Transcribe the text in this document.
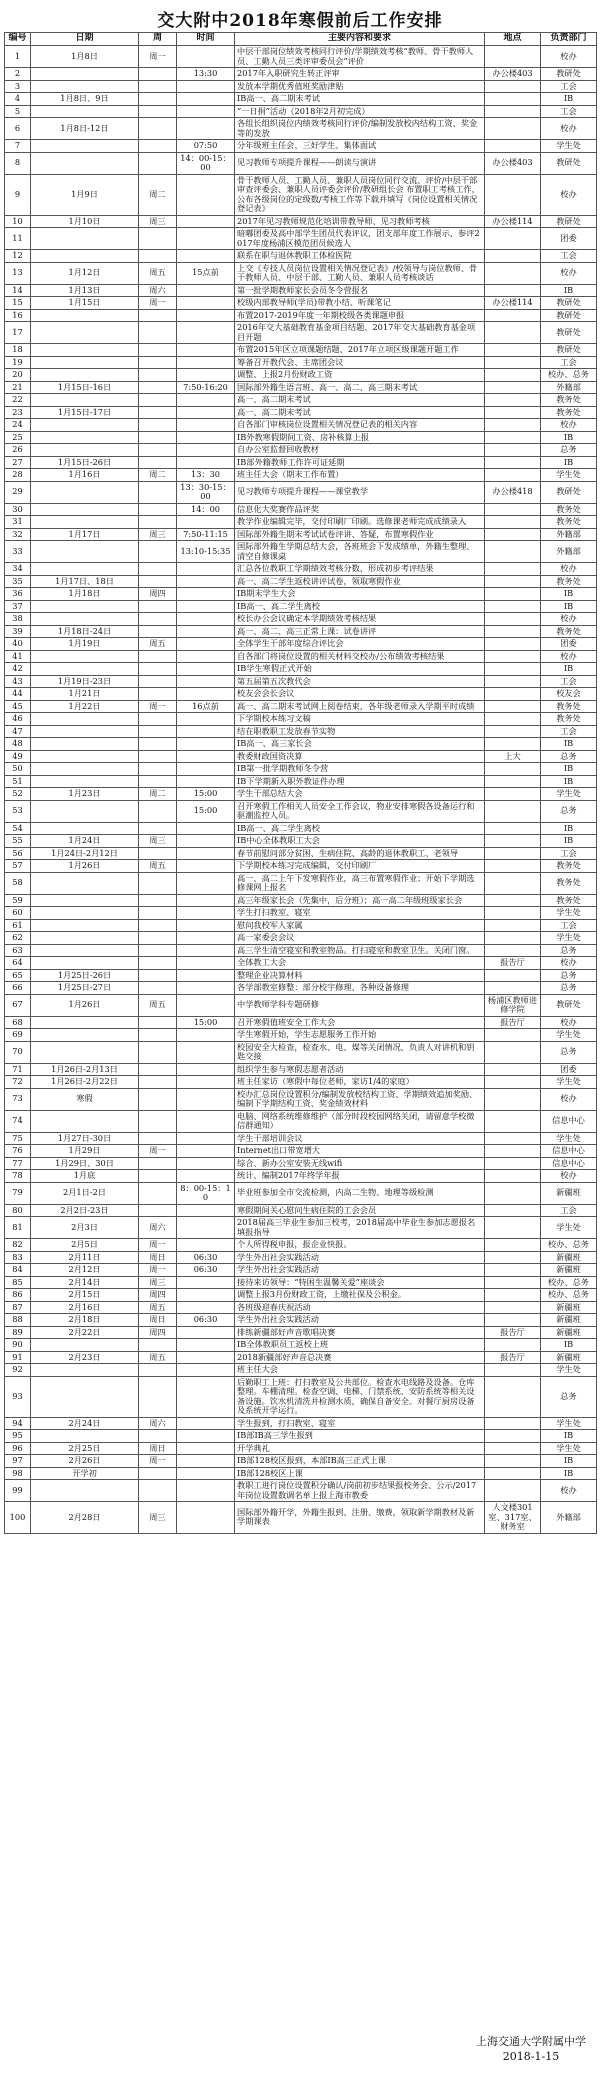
交大附中2018年寒假前后工作安排
编号	日期	周	时间	主要内容和要求	地点	负责部门
1	1月8日	周一		中层干部岗位绩效考核同行评价/学期绩效考核“教师、骨干教师人员、工勤人员三类评审委员会”评价		校办
2			13:30	2017年入职研究生转正评审	办公楼403	教研处
3				发放本学期优秀值班奖励津贴		工会
4	1月8日、9日			IB高一、高二期末考试		IB
5				“一日捐”活动（2018年2月初完成）		工会
6	1月8日-12日			各组长组织岗位内绩效考核同行评价/编制发放校内结构工资、奖金等的发放		校办
7			07:50	分年级班主任会、三好学生、集体面试		学生处
8			14：00-15：00	见习教师专项提升课程——朗读与演讲	办公楼403	教研处
9	1月9日	周二		骨干教师人员、工勤人员、兼职人员岗位同行交流、评价/中层干部审查评委会、兼职人员评委会评价/教研组长会 布置职工考核工作，公布各级岗位的定级数/考核工作等下载并填写《岗位设置相关情况登记表》		校办
10	1月10日	周三		2017年见习教师规范化培训带教导师、见习教师考核	办公楼114	教研处
11				暗嘟团委及高中部学生团员代表评议，团支部年度工作展示，参评2017年度杨浦区模范团员候选人		团委
12				联系在职与退休教职工体检医院		工会
13	1月12日	周五	15点前	上交《专技人员岗位设置相关情况登记表》/校领导与岗位教师、骨干教师人员、中层干部、工勤人员、兼职人员考核谈话		校办
14	1月13日	周六		第一批学期教师家长会员冬令营报名		IB
15	1月15日	周一		校级内部教导师(学员)带教小结、听课笔记	办公楼114	教研处
16				布置2017-2019年度一年期校级各类课题申报		教研处
17				2016年交大基础教育基金项目结题、2017年交大基础教育基金项目开题		教研处
18				布置2015年区立项课题结题、2017年立项区级课题开题工作		教研处
19				筹备召开教代会、主席团会议		工会
20				调整、上报2月份财政工资		校办、总务
21	1月15日-16日		7:50-16:20	国际部外籍生语言班、高一、高二、高三期末考试		外籍部
22				高一、高二期末考试		教务处
23	1月15日-17日			高一、高二期末考试		教务处
24				自各部门审核岗位设置相关情况登记表的相关内容		校办
25				IB外教寒假期间工资、房补核算上报		IB
26				自办公室监督回收教材		总务
27	1月15日-26日			IB部外籍教师工作许可证延期		IB
28	1月16日	周二	13：30	班主任大会（期末工作布置）		学生处
29			13：30-15：00	见习教师专项提升课程——课堂教学	办公楼418	教研处
30			14：00	信息化大奖赛作品评奖		教务处
31				教学作业编辑完毕，交付印刷厂印刷。选修课老师完成成绩录入		教务处
32	1月17日	周三	7:50-11:15	国际部外籍生期末考试试卷评讲、答疑，布置寒假作业		外籍部
33			13:10-15:35	国际部外籍生学期总结大会，各班班会下发成绩单，外籍生整理、清空自修课桌		外籍部
34				汇总各位教职工学期绩效考核分数，形成初步考评结果		校办
35	1月17日、18日			高一、高二学生返校讲评试卷，领取寒假作业		教务处
36	1月18日	周四		IB期末学生大会		IB
37				IB高一、高二学生离校		IB
38				校长办公会议确定本学期绩效考核结果		校办
39	1月18日-24日			高一、高二、高三正常上课：试卷讲评		教务处
40	1月19日	周五		全体学生干部年度综合评比会		团委
41				自各部门将岗位设置的相关材料交校办/公布绩效考核结果		校办
42				IB学生寒假正式开始		IB
43	1月19日-23日			第五届第五次教代会		工会
44	1月21日			校友会会长会议		校友会
45	1月22日	周一	16点前	高一、高二期末考试网上阅卷结束，各年级老师录入学期平时成绩		教务处
46				下学期校本练习文稿		教务处
47				结在职教职工发放春节实物		工会
48				IB高一、高三家长会		IB
49				教委财政国资决算	上大	总务
50				IB第一批学期教师冬令营		IB
51				IB下学期新入职外教证件办理		IB
52	1月23日	周二	15:00	学生干部总结大会		学生处
53			15:00	召开寒假工作相关人员安全工作会议，物业安排寒假各设备运行和驱潮监控人员。		总务
54				IB高一、高二学生离校		IB
55	1月24日	周三		IB中心全体教职工大会		IB
56	1月24日-2月12日			春节前慰问部分贫困、生病住院、高龄的退休教职工、老领导		工会
57	1月26日	周五		下学期校本练习完成编辑，交付印刷厂		教务处
58				高一、高二上午下发寒假作业，高三布置寒假作业；开始下学期选修课网上报名		教务处
59				高三年级家长会（先集中，后分班）；高一高二年级班级家长会		教务处
60				学生打扫教室、寝室		学生处
61				慰问我校军人家属		工会
62				高一家委会会议		学生处
63				高三学生清空寝室和教室物品。打扫寝室和教室卫生。关闭门窗。		总务
64				全体教工大会	报告厅	校办
65	1月25日-26日			整理企业决算材料		总务
66	1月25日-27日			各学部教室修整：部分校宇修理、各种设备修理		总务
67	1月26日	周五		中学教师学科专题研修	杨浦区教师进修学院	教研处
68			15:00	召开寒假值班安全工作大会	报告厅	校办
69				学生寒假开始，学生志愿服务工作开始		学生处
70				校园安全大检查，检查水、电、煤等关闭情况，负责人对讲机和钥匙交接		总务
71	1月26日-2月13日			组织学生参与寒假志愿者活动		团委
72	1月26日-2月22日			班主任家访（寒假中每位老师，家访1/4的家庭）		学生处
73	寒假			校办汇总岗位设置积分/编制发放校结构工资、学期绩效追加奖励、编制下学期结构工资、奖金绩效材料		校办
74				电脑、网络系统维修维护（部分时段校园网络关闭，请留意学校微信群通知）		信息中心
75	1月27日-30日			学生干部培训会议		学生处
76	1月29日	周一		Internet出口带宽增大		信息中心
77	1月29日、30日			综合、新办公室安装无线wifi		信息中心
78	1月底			统计、编制2017年终学年报		校办
79	2月1日-2日		8：00-15：10	毕业班参加全市交流检测，内高二生物、地理等级检测		新疆班
80	2月2日-23日			寒假期间关心慰问生病住院的工会会员		工会
81	2月3日	周六		2018届高三毕业生参加三校考，2018届高中毕业生参加志愿报名填报指导		学生处
82	2月5日	周一		个人所得税申报，报企业快报。		校办、总务
83	2月11日	周日	06:30	学生外出社会实践活动		新疆班
84	2月12日	周一	06:30	学生外出社会实践活动		新疆班
85	2月14日	周三		接待来访领导：“特困生温馨关爱”座谈会		校办、总务
86	2月15日	周四		调整上报3月份财政工资，上缴社保及公积金。		校办、总务
87	2月16日	周五		各班级迎春庆祝活动		新疆班
88	2月18日	周日	06:30	学生外出社会实践活动		新疆班
89	2月22日	周四		排练新疆部好声音歌唱决赛	报告厅	新疆班
90				IB全体教职员工返校上班		IB
91	2月23日	周五		2018新疆部好声音总决赛	报告厅	新疆班
92				班主任大会		学生处
93				后勤职工上班：打扫教室及公共部位。检查水电线路及设备。仓库整理。车棚清理。检查空调、电梯、门禁系统、安防系统等相关设备设施。饮水机清洗并检测水质，确保自备安全。对餐厅厨房设备及系统开学运行。		总务
94	2月24日	周六		学生报到，打扫教室、寝室		学生处
95				IB部IB高三学生报到		IB
96	2月25日	周日		开学典礼		学生处
97	2月26日	周一		IB部128校区报到，本部IB高三正式上课		IB
98	开学初			IB部128校区上课		IB
99				教职工进行岗位设置积分确认/岗前初步结果报校务会、公示/2017年岗位设置数调名单上报上海市教委		校办
100	2月28日	周三		国际部外籍开学，外籍生报到、注册、缴费，领取新学期教材及新学期课表	人文楼301室、317室、财务室	外籍部
上海交通大学附属中学
2018-1-15
